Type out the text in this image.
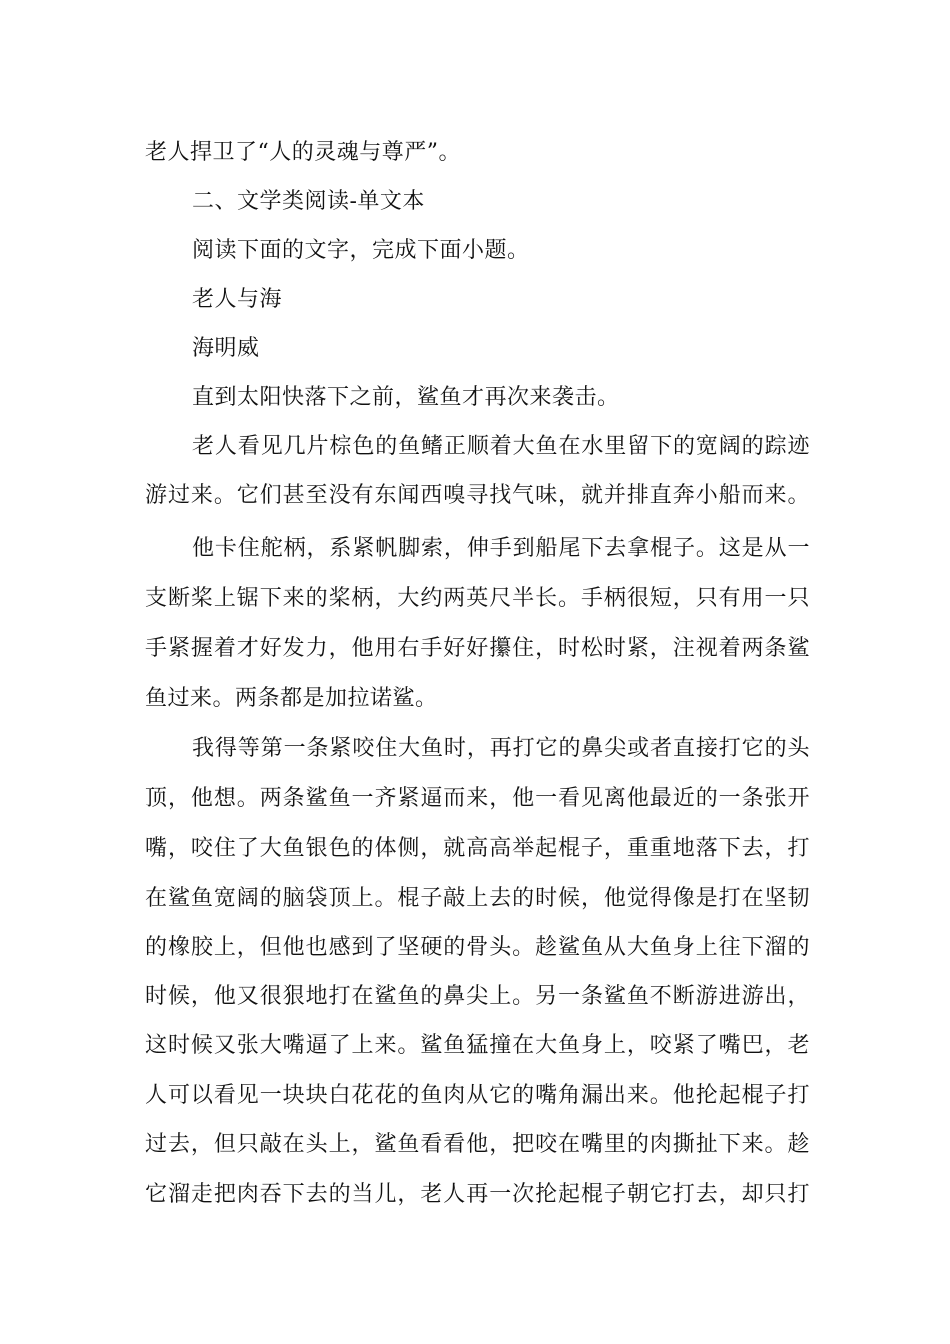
老人捍卫了“人的灵魂与尊严”。
二、文学类阅读-单文本
阅读下面的文字，完成下面小题。
老人与海
海明威
直到太阳快落下之前，鲨鱼才再次来袭击。
老人看见几片棕色的鱼鳍正顺着大鱼在水里留下的宽阔的踪迹
游过来。它们甚至没有东闻西嗅寻找气味，就并排直奔小船而来。
他卡住舵柄，系紧帆脚索，伸手到船尾下去拿棍子。这是从一
支断桨上锯下来的桨柄，大约两英尺半长。手柄很短，只有用一只
手紧握着才好发力，他用右手好好攥住，时松时紧，注视着两条鲨
鱼过来。两条都是加拉诺鲨。
我得等第一条紧咬住大鱼时，再打它的鼻尖或者直接打它的头
顶，他想。两条鲨鱼一齐紧逼而来，他一看见离他最近的一条张开
嘴，咬住了大鱼银色的体侧，就高高举起棍子，重重地落下去，打
在鲨鱼宽阔的脑袋顶上。棍子敲上去的时候，他觉得像是打在坚韧
的橡胶上，但他也感到了坚硬的骨头。趁鲨鱼从大鱼身上往下溜的
时候，他又很狠地打在鲨鱼的鼻尖上。另一条鲨鱼不断游进游出，
这时候又张大嘴逼了上来。鲨鱼猛撞在大鱼身上，咬紧了嘴巴，老
人可以看见一块块白花花的鱼肉从它的嘴角漏出来。他抡起棍子打
过去，但只敲在头上，鲨鱼看看他，把咬在嘴里的肉撕扯下来。趁
它溜走把肉吞下去的当儿，老人再一次抡起棍子朝它打去，却只打
